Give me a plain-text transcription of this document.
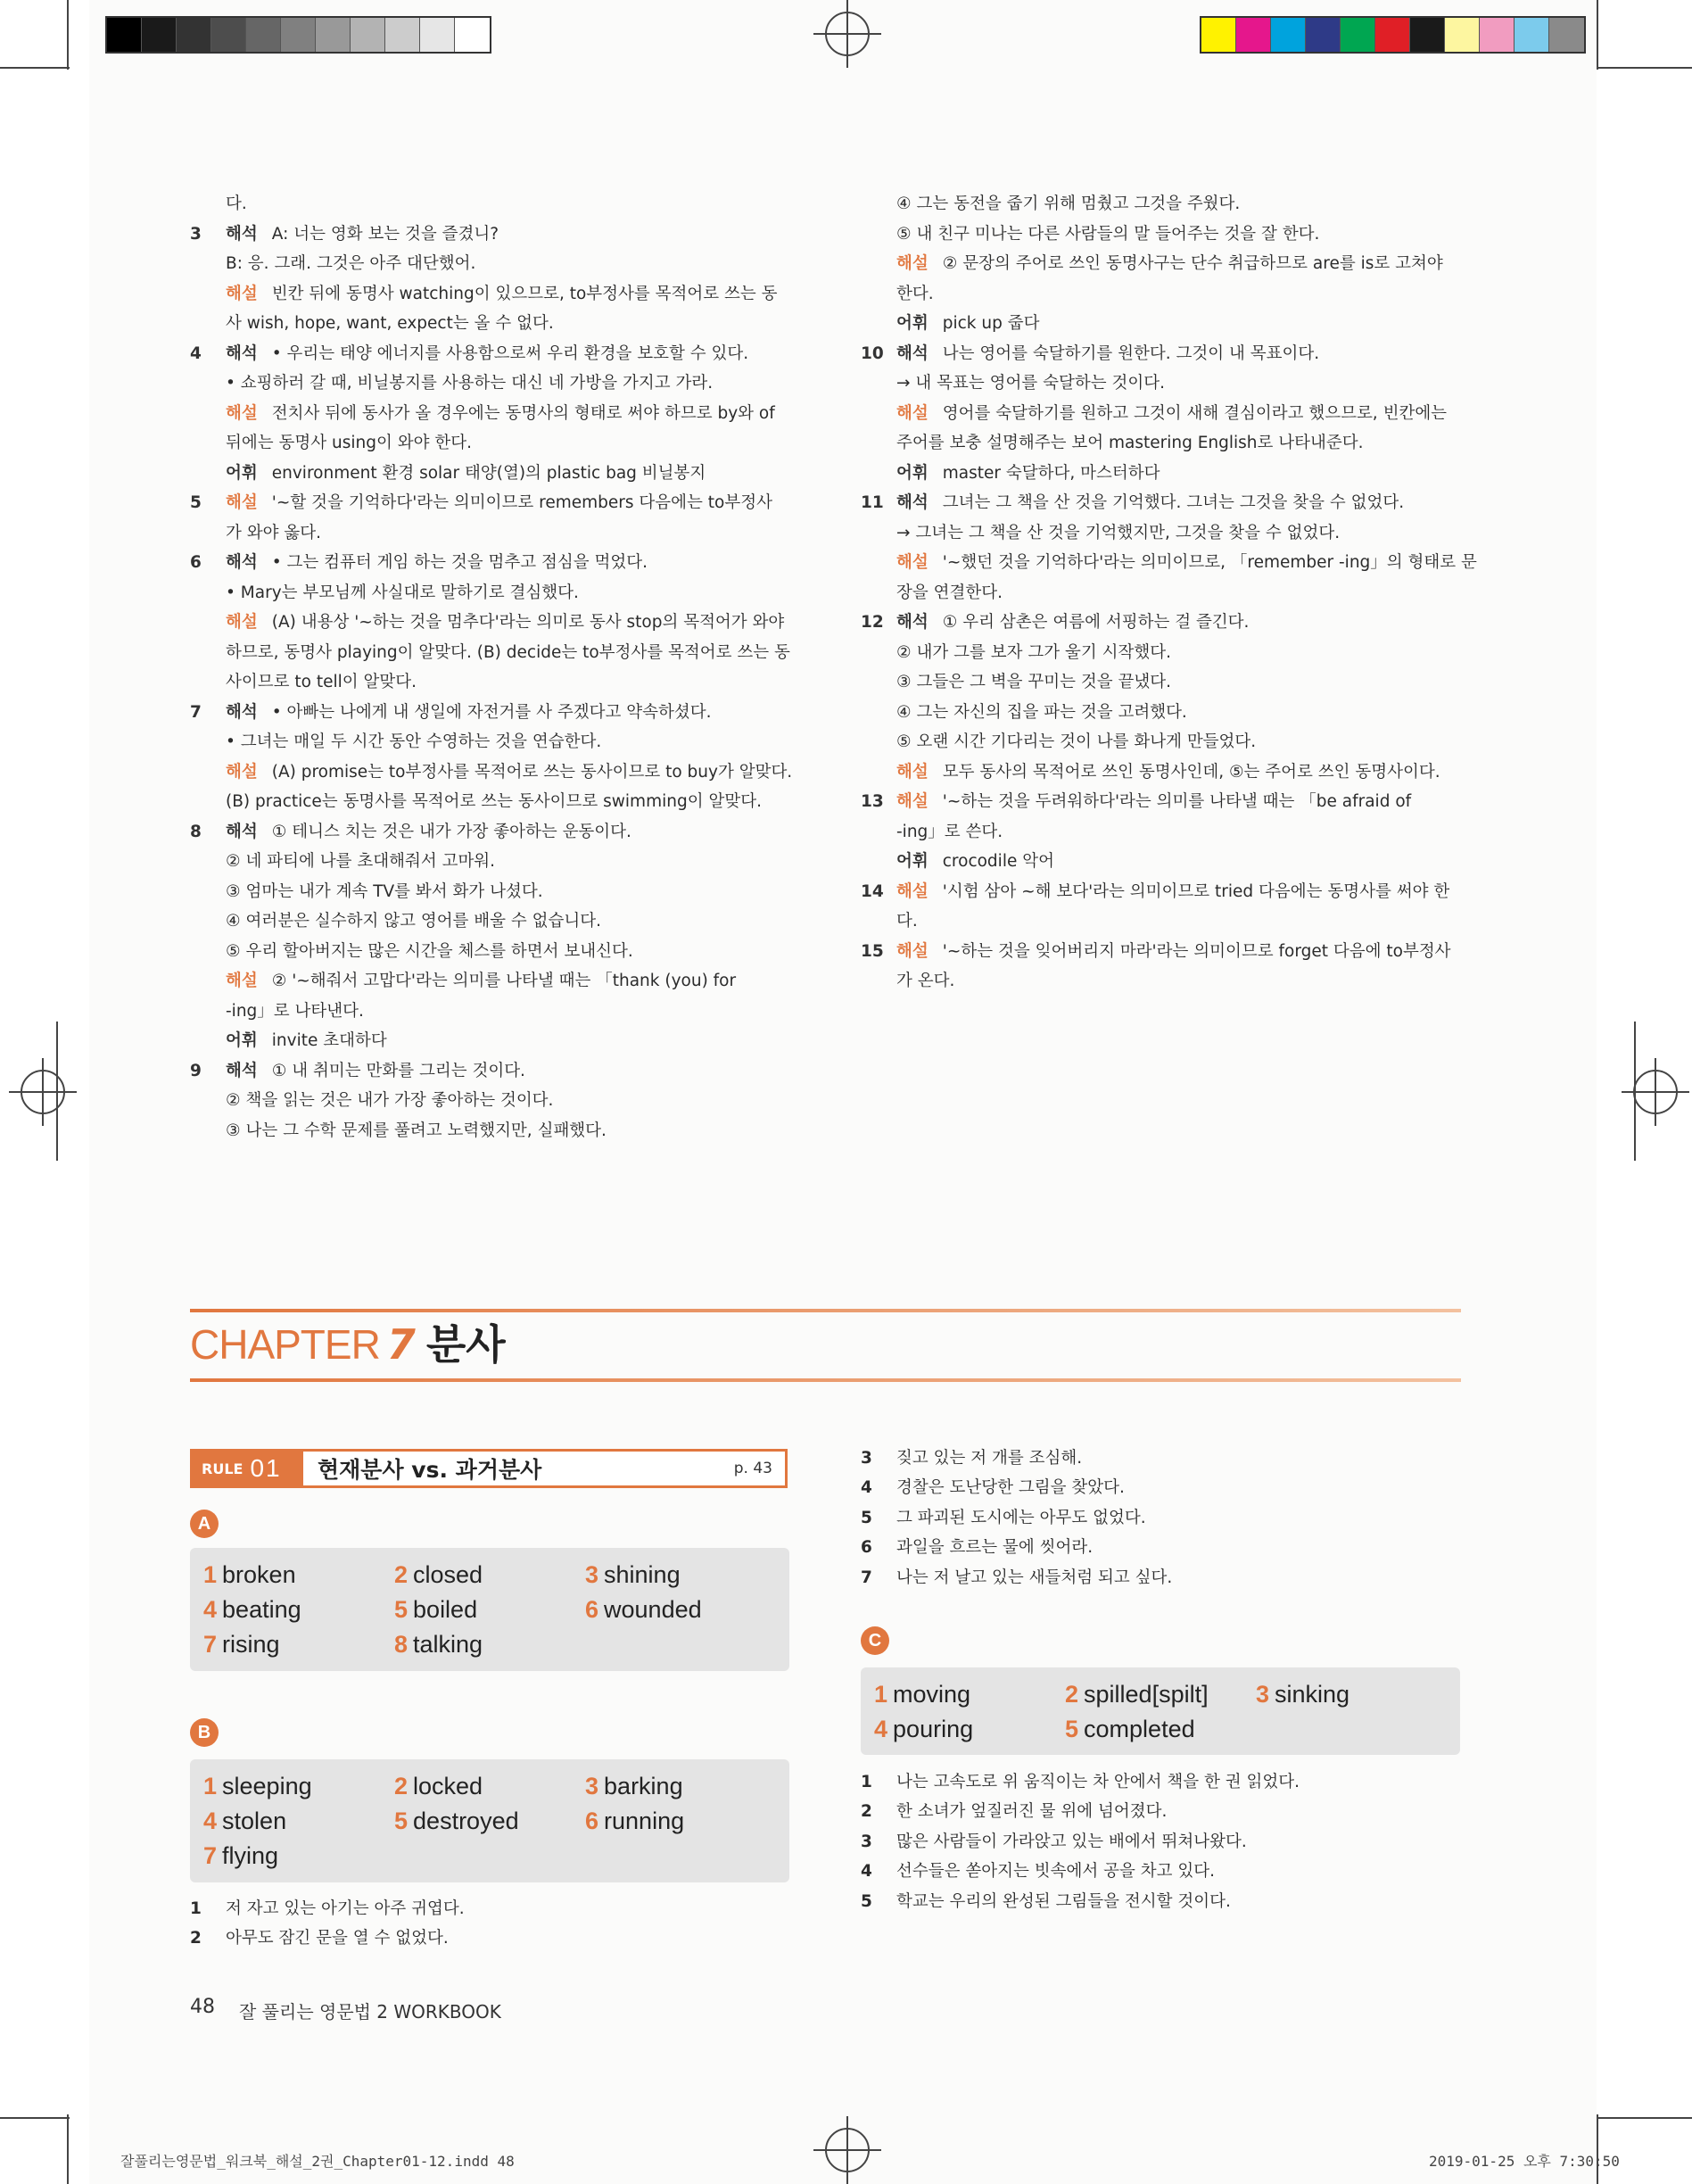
다.
3	해석 A: 너는 영화 보는 것을 즐겼니?
B: 응. 그래. 그것은 아주 대단했어.
해설 빈칸 뒤에 동명사 watching이 있으므로, to부정사를 목적어로 쓰는 동
사 wish, hope, want, expect는 올 수 없다.
4	해석 • 우리는 태양 에너지를 사용함으로써 우리 환경을 보호할 수 있다.
• 쇼핑하러 갈 때, 비닐봉지를 사용하는 대신 네 가방을 가지고 가라.
해설 전치사 뒤에 동사가 올 경우에는 동명사의 형태로 써야 하므로 by와 of
뒤에는 동명사 using이 와야 한다.
어휘 environment 환경 solar 태양(열)의 plastic bag 비닐봉지
5	해설 '~할 것을 기억하다'라는 의미이므로 remembers 다음에는 to부정사
가 와야 옳다.
6	해석 • 그는 컴퓨터 게임 하는 것을 멈추고 점심을 먹었다.
• Mary는 부모님께 사실대로 말하기로 결심했다.
해설 (A) 내용상 '~하는 것을 멈추다'라는 의미로 동사 stop의 목적어가 와야
하므로, 동명사 playing이 알맞다. (B) decide는 to부정사를 목적어로 쓰는 동
사이므로 to tell이 알맞다.
7	해석 • 아빠는 나에게 내 생일에 자전거를 사 주겠다고 약속하셨다.
• 그녀는 매일 두 시간 동안 수영하는 것을 연습한다.
해설 (A) promise는 to부정사를 목적어로 쓰는 동사이므로 to buy가 알맞다.
(B) practice는 동명사를 목적어로 쓰는 동사이므로 swimming이 알맞다.
8	해석 ① 테니스 치는 것은 내가 가장 좋아하는 운동이다.
② 네 파티에 나를 초대해줘서 고마워.
③ 엄마는 내가 계속 TV를 봐서 화가 나셨다.
④ 여러분은 실수하지 않고 영어를 배울 수 없습니다.
⑤ 우리 할아버지는 많은 시간을 체스를 하면서 보내신다.
해설 ② '~해줘서 고맙다'라는 의미를 나타낼 때는 「thank (you) for
-ing」로 나타낸다.
어휘 invite 초대하다
9	해석 ① 내 취미는 만화를 그리는 것이다.
② 책을 읽는 것은 내가 가장 좋아하는 것이다.
③ 나는 그 수학 문제를 풀려고 노력했지만, 실패했다.
④ 그는 동전을 줍기 위해 멈췄고 그것을 주웠다.
⑤ 내 친구 미나는 다른 사람들의 말 들어주는 것을 잘 한다.
해설 ② 문장의 주어로 쓰인 동명사구는 단수 취급하므로 are를 is로 고쳐야
한다.
어휘 pick up 줍다
10 해석 나는 영어를 숙달하기를 원한다. 그것이 내 목표이다.
→ 내 목표는 영어를 숙달하는 것이다.
해설 영어를 숙달하기를 원하고 그것이 새해 결심이라고 했으므로, 빈칸에는
주어를 보충 설명해주는 보어 mastering English로 나타내준다.
어휘 master 숙달하다, 마스터하다
11 해석 그녀는 그 책을 산 것을 기억했다. 그녀는 그것을 찾을 수 없었다.
→ 그녀는 그 책을 산 것을 기억했지만, 그것을 찾을 수 없었다.
해설 '~했던 것을 기억하다'라는 의미이므로, 「remember -ing」의 형태로 문
장을 연결한다.
12 해석 ① 우리 삼촌은 여름에 서핑하는 걸 즐긴다.
② 내가 그를 보자 그가 울기 시작했다.
③ 그들은 그 벽을 꾸미는 것을 끝냈다.
④ 그는 자신의 집을 파는 것을 고려했다.
⑤ 오랜 시간 기다리는 것이 나를 화나게 만들었다.
해설 모두 동사의 목적어로 쓰인 동명사인데, ⑤는 주어로 쓰인 동명사이다.
13 해설 '~하는 것을 두려워하다'라는 의미를 나타낼 때는 「be afraid of
-ing」로 쓴다.
어휘 crocodile 악어
14 해설 '시험 삼아 ~해 보다'라는 의미이므로 tried 다음에는 동명사를 써야 한
다.
15 해설 '~하는 것을 잊어버리지 마라'라는 의미이므로 forget 다음에 to부정사
가 온다.
CHAPTER 7 분사
RULE 01 현재분사 vs. 과거분사	p. 43
A
1 broken	2 closed	3 shining
4 beating	5 boiled	6 wounded
7 rising	8 talking
B
1 sleeping	2 locked	3 barking
4 stolen	5 destroyed	6 running
7 flying
1 저 자고 있는 아기는 아주 귀엽다.
2 아무도 잠긴 문을 열 수 없었다.
3 짖고 있는 저 개를 조심해.
4 경찰은 도난당한 그림을 찾았다.
5 그 파괴된 도시에는 아무도 없었다.
6 과일을 흐르는 물에 씻어라.
7 나는 저 날고 있는 새들처럼 되고 싶다.
C
1 moving	2 spilled[spilt] 3 sinking
4 pouring	5 completed
1 나는 고속도로 위 움직이는 차 안에서 책을 한 권 읽었다.
2 한 소녀가 엎질러진 물 위에 넘어졌다.
3 많은 사람들이 가라앉고 있는 배에서 뛰쳐나왔다.
4 선수들은 쏟아지는 빗속에서 공을 차고 있다.
5 학교는 우리의 완성된 그림들을 전시할 것이다.
48 잘 풀리는 영문법 2 WORKBOOK
잘풀리는영문법_워크북_해설_2권_Chapter01-12.indd 48	2019-01-25 오후 7:30:50
